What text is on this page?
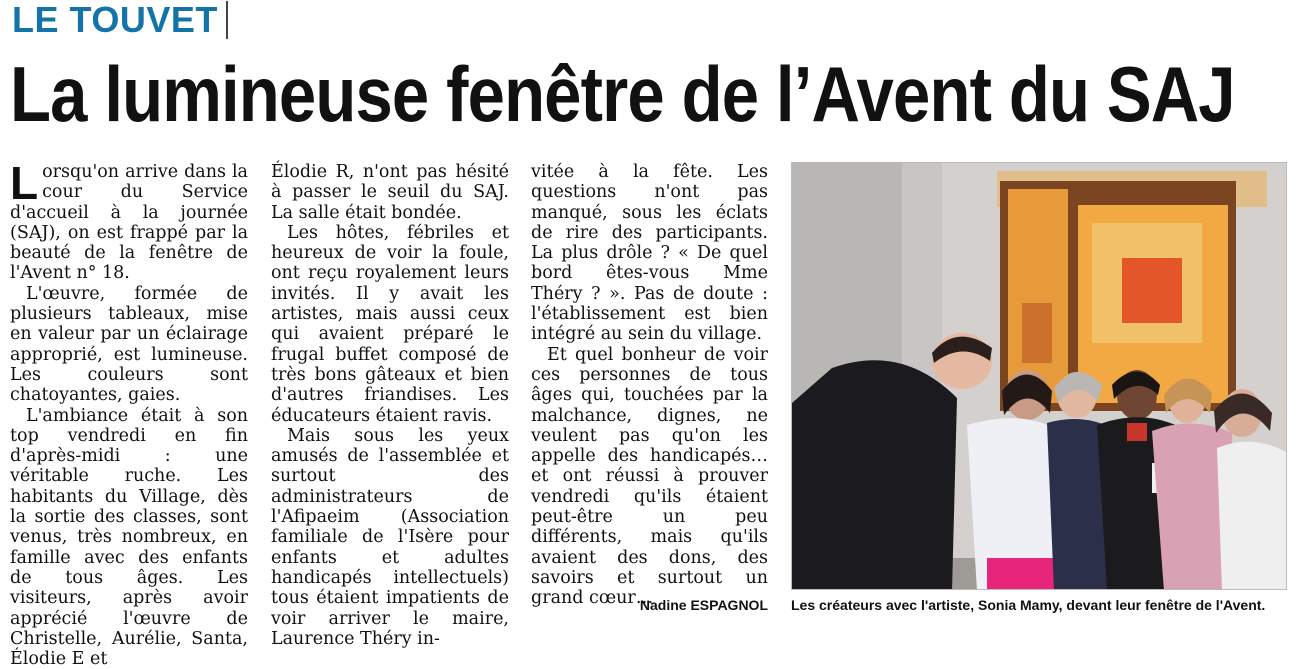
LE TOUVET
La lumineuse fenêtre de l’Avent du SAJ

Lorsqu'on arrive dans la cour du Service d'accueil à la journée (SAJ), on est frappé par la beauté de la fenêtre de l'Avent n° 18.

L'œuvre, formée de plusieurs tableaux, mise en valeur par un éclairage approprié, est lumineuse. Les couleurs sont chatoyantes, gaies.

L'ambiance était à son top vendredi en fin d'après-midi : une véritable ruche. Les habitants du Village, dès la sortie des classes, sont venus, très nombreux, en famille avec des enfants de tous âges. Les visiteurs, après avoir apprécié l'œuvre de Christelle, Aurélie, Santa, Élodie E et

Élodie R, n'ont pas hésité à passer le seuil du SAJ. La salle était bondée.

Les hôtes, fébriles et heureux de voir la foule, ont reçu royalement leurs invités. Il y avait les artistes, mais aussi ceux qui avaient préparé le frugal buffet composé de très bons gâteaux et bien d'autres friandises. Les éducateurs étaient ravis.

Mais sous les yeux amusés de l'assemblée et surtout des administrateurs de l'Afipaeim (Association familiale de l'Isère pour enfants et adultes handicapés intellectuels) tous étaient impatients de voir arriver le maire, Laurence Théry in-

vitée à la fête. Les questions n'ont pas manqué, sous les éclats de rire des participants. La plus drôle ? « De quel bord êtes-vous Mme Théry ? ». Pas de doute : l'établissement est bien intégré au sein du village.

Et quel bonheur de voir ces personnes de tous âges qui, touchées par la malchance, dignes, ne veulent pas qu'on les appelle des handicapés… et ont réussi à prouver vendredi qu'ils étaient peut-être un peu différents, mais qu'ils avaient des dons, des savoirs et surtout un grand cœur…

Nadine ESPAGNOL Les créateurs avec l'artiste, Sonia Mamy, devant leur fenêtre de l'Avent.
